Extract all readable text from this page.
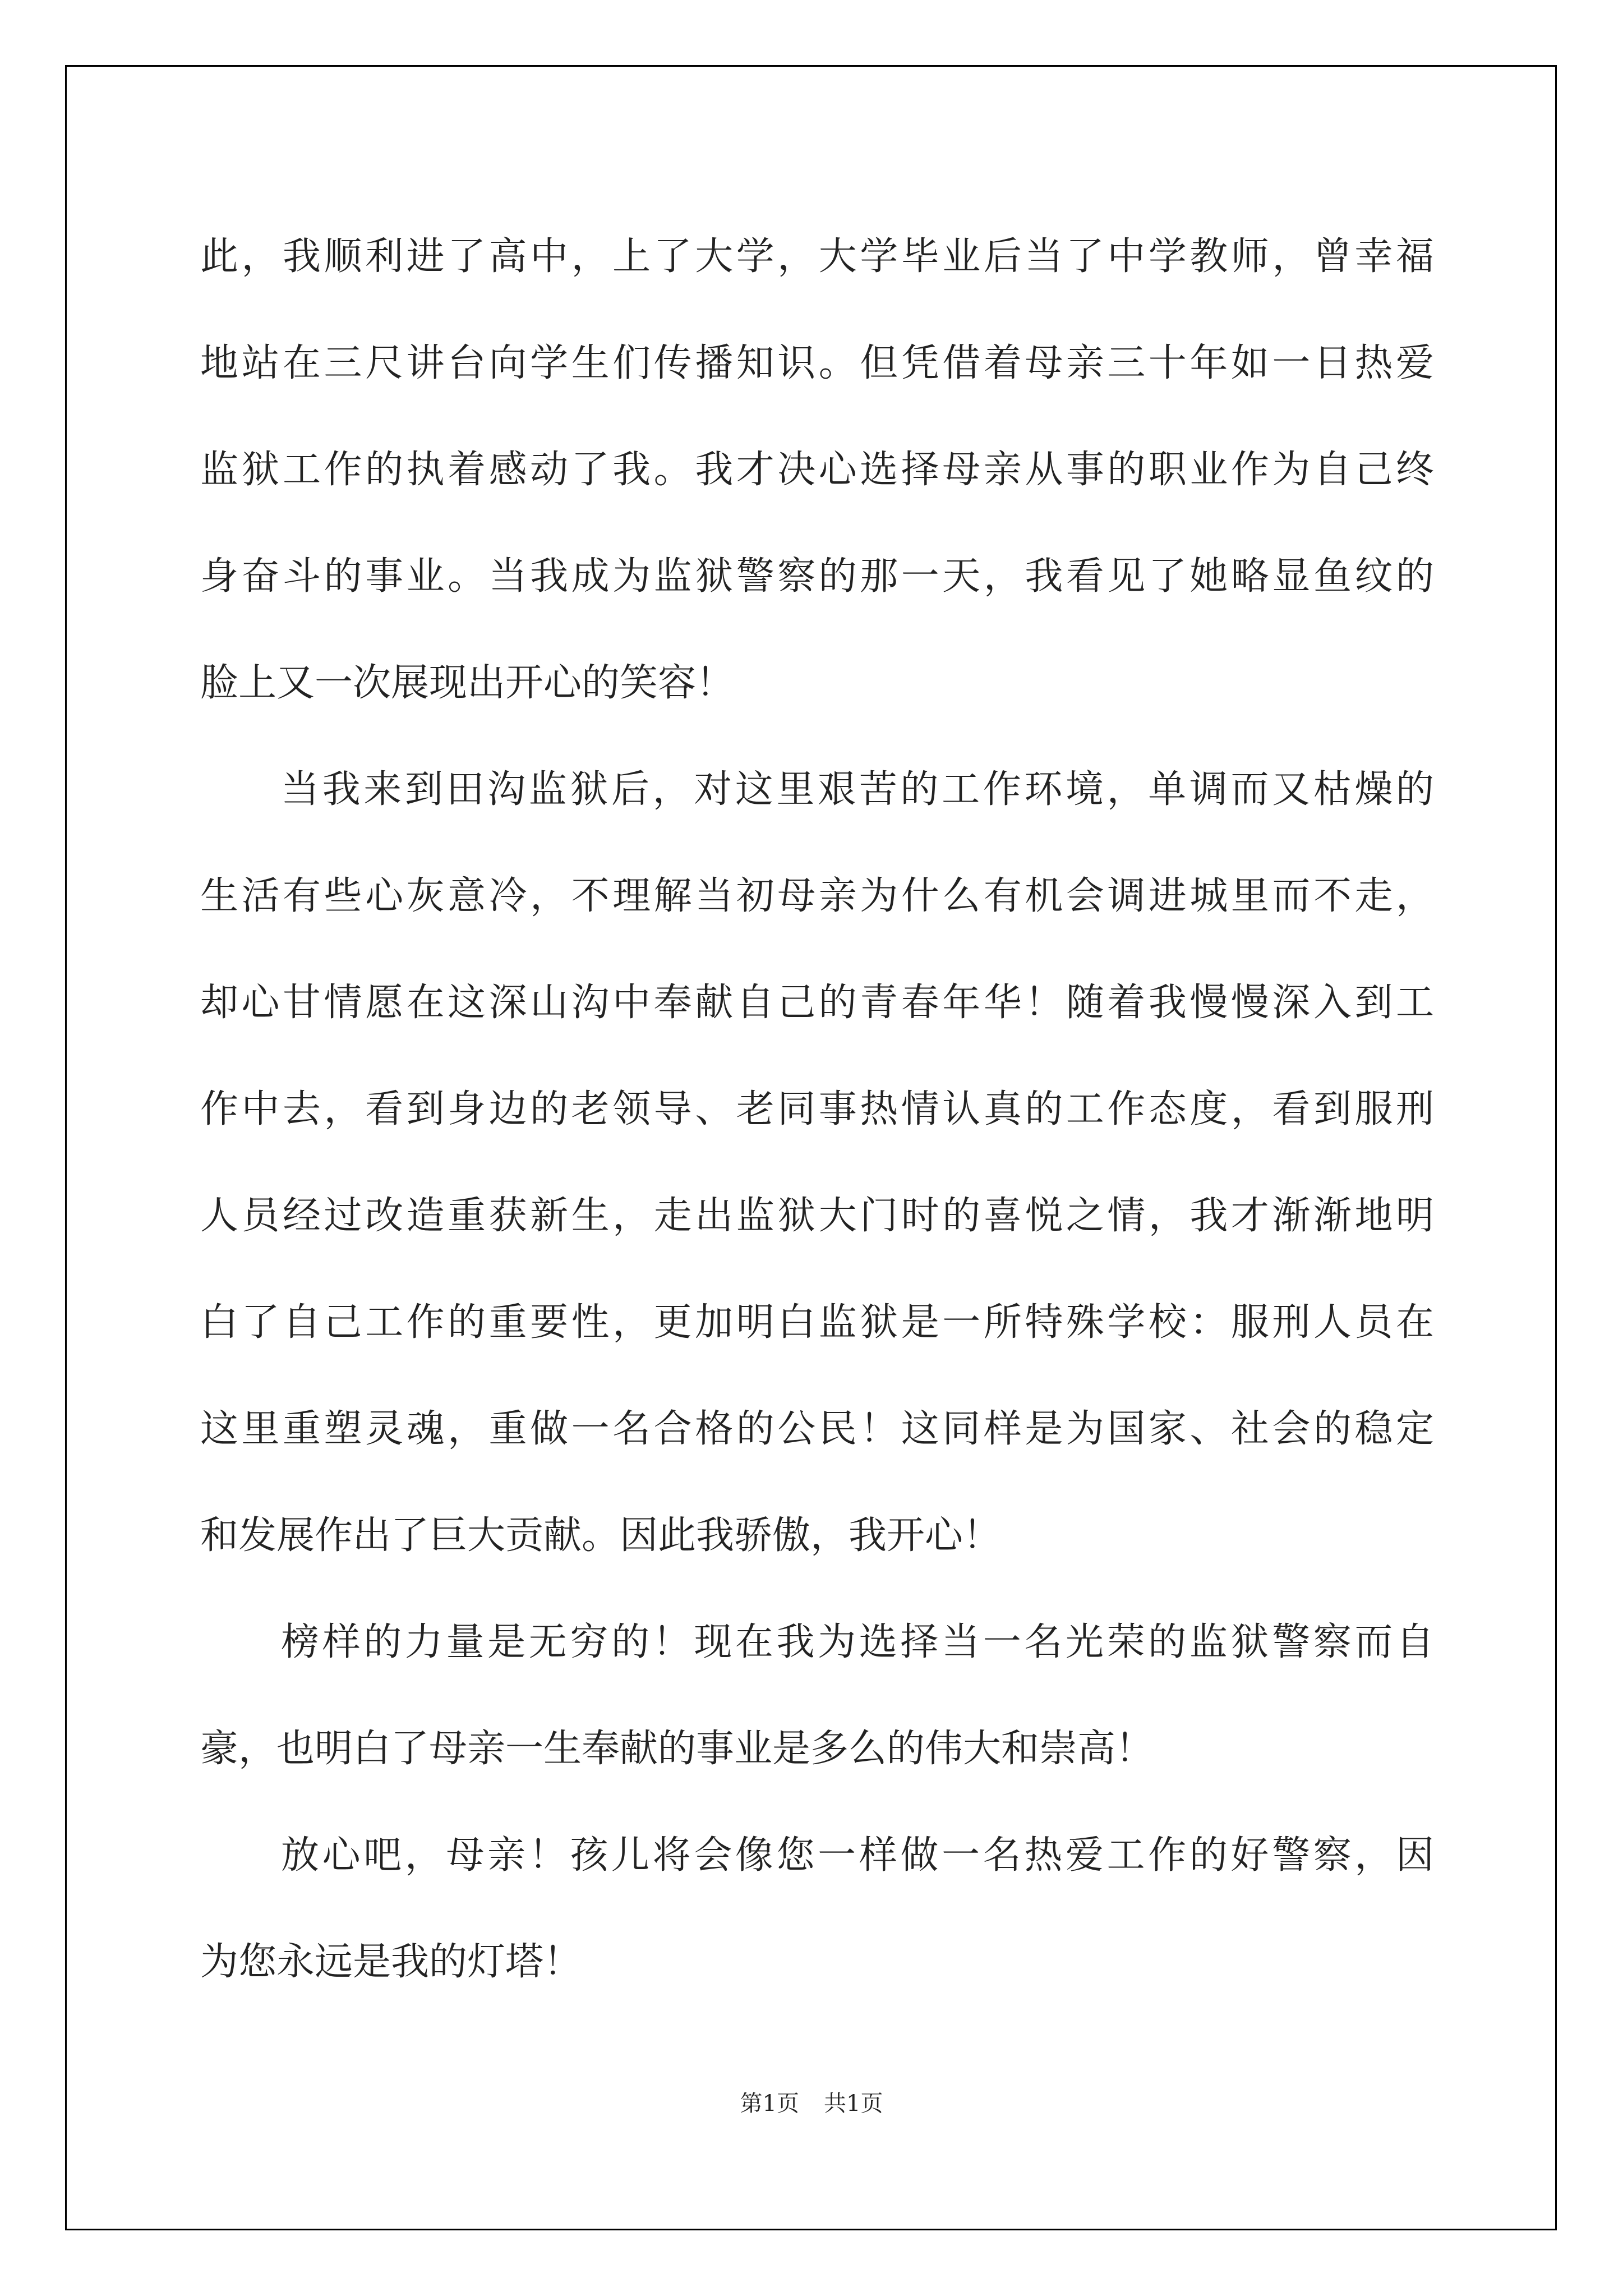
此，我顺利进了高中，上了大学，大学毕业后当了中学教师，曾幸福
地站在三尺讲台向学生们传播知识。但凭借着母亲三十年如一日热爱
监狱工作的执着感动了我。我才决心选择母亲从事的职业作为自己终
身奋斗的事业。当我成为监狱警察的那一天，我看见了她略显鱼纹的
脸上又一次展现出开心的笑容！
当我来到田沟监狱后，对这里艰苦的工作环境，单调而又枯燥的
生活有些心灰意冷，不理解当初母亲为什么有机会调进城里而不走，
却心甘情愿在这深山沟中奉献自己的青春年华！随着我慢慢深入到工
作中去，看到身边的老领导、老同事热情认真的工作态度，看到服刑
人员经过改造重获新生，走出监狱大门时的喜悦之情，我才渐渐地明
白了自己工作的重要性，更加明白监狱是一所特殊学校：服刑人员在
这里重塑灵魂，重做一名合格的公民！这同样是为国家、社会的稳定
和发展作出了巨大贡献。因此我骄傲，我开心！
榜样的力量是无穷的！现在我为选择当一名光荣的监狱警察而自
豪，也明白了母亲一生奉献的事业是多么的伟大和崇高！
放心吧，母亲！孩儿将会像您一样做一名热爱工作的好警察，因
为您永远是我的灯塔！
第1页 共1页
